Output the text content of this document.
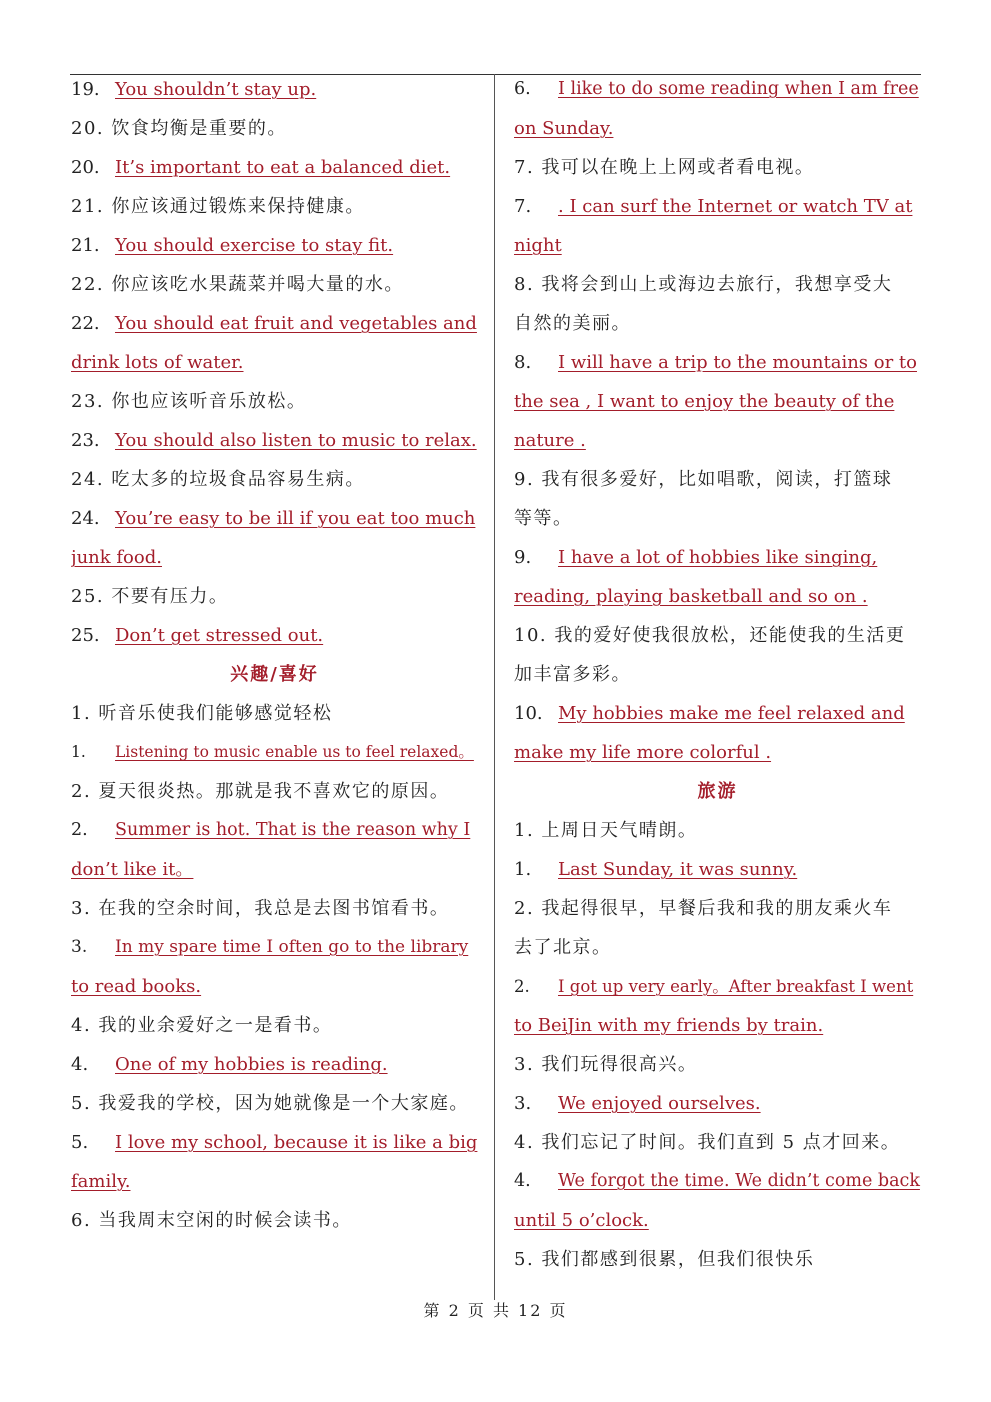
19. You shouldn’t stay up.
20. 饮食均衡是重要的。
20. It’s important to eat a balanced diet.
21. 你应该通过锻炼来保持健康。
21. You should exercise to stay fit.
22. 你应该吃水果蔬菜并喝大量的水。
22. You should eat fruit and vegetables and
drink lots of water.
23. 你也应该听音乐放松。
23. You should also listen to music to relax.
24. 吃太多的垃圾食品容易生病。
24. You’re easy to be ill if you eat too much
junk food.
25. 不要有压力。
25. Don’t get stressed out.
兴趣/喜好
1. 听音乐使我们能够感觉轻松
1. Listening to music enable us to feel relaxed。
2. 夏天很炎热。那就是我不喜欢它的原因。
2. Summer is hot. That is the reason why I
don’t like it。
3. 在我的空余时间，我总是去图书馆看书。
3. In my spare time I often go to the library
to read books.
4. 我的业余爱好之一是看书。
4. One of my hobbies is reading.
5. 我爱我的学校，因为她就像是一个大家庭。
5. I love my school, because it is like a big
family.
6. 当我周末空闲的时候会读书。
6. I like to do some reading when I am free
on Sunday.
7. 我可以在晚上上网或者看电视。
7. . I can surf the Internet or watch TV at
night
8. 我将会到山上或海边去旅行，我想享受大
自然的美丽。
8. I will have a trip to the mountains or to
the sea , I want to enjoy the beauty of the
nature .
9. 我有很多爱好，比如唱歌，阅读，打篮球
等等。
9. I have a lot of hobbies like singing,
reading, playing basketball and so on .
10. 我的爱好使我很放松，还能使我的生活更
加丰富多彩。
10. My hobbies make me feel relaxed and
make my life more colorful .
旅游
1. 上周日天气晴朗。
1. Last Sunday, it was sunny.
2. 我起得很早，早餐后我和我的朋友乘火车
去了北京。
2. I got up very early。After breakfast I went
to BeiJin with my friends by train.
3. 我们玩得很高兴。
3. We enjoyed ourselves.
4. 我们忘记了时间。我们直到 5 点才回来。
4. We forgot the time. We didn’t come back
until 5 o’clock.
5. 我们都感到很累，但我们很快乐
第 2 页 共 12 页
